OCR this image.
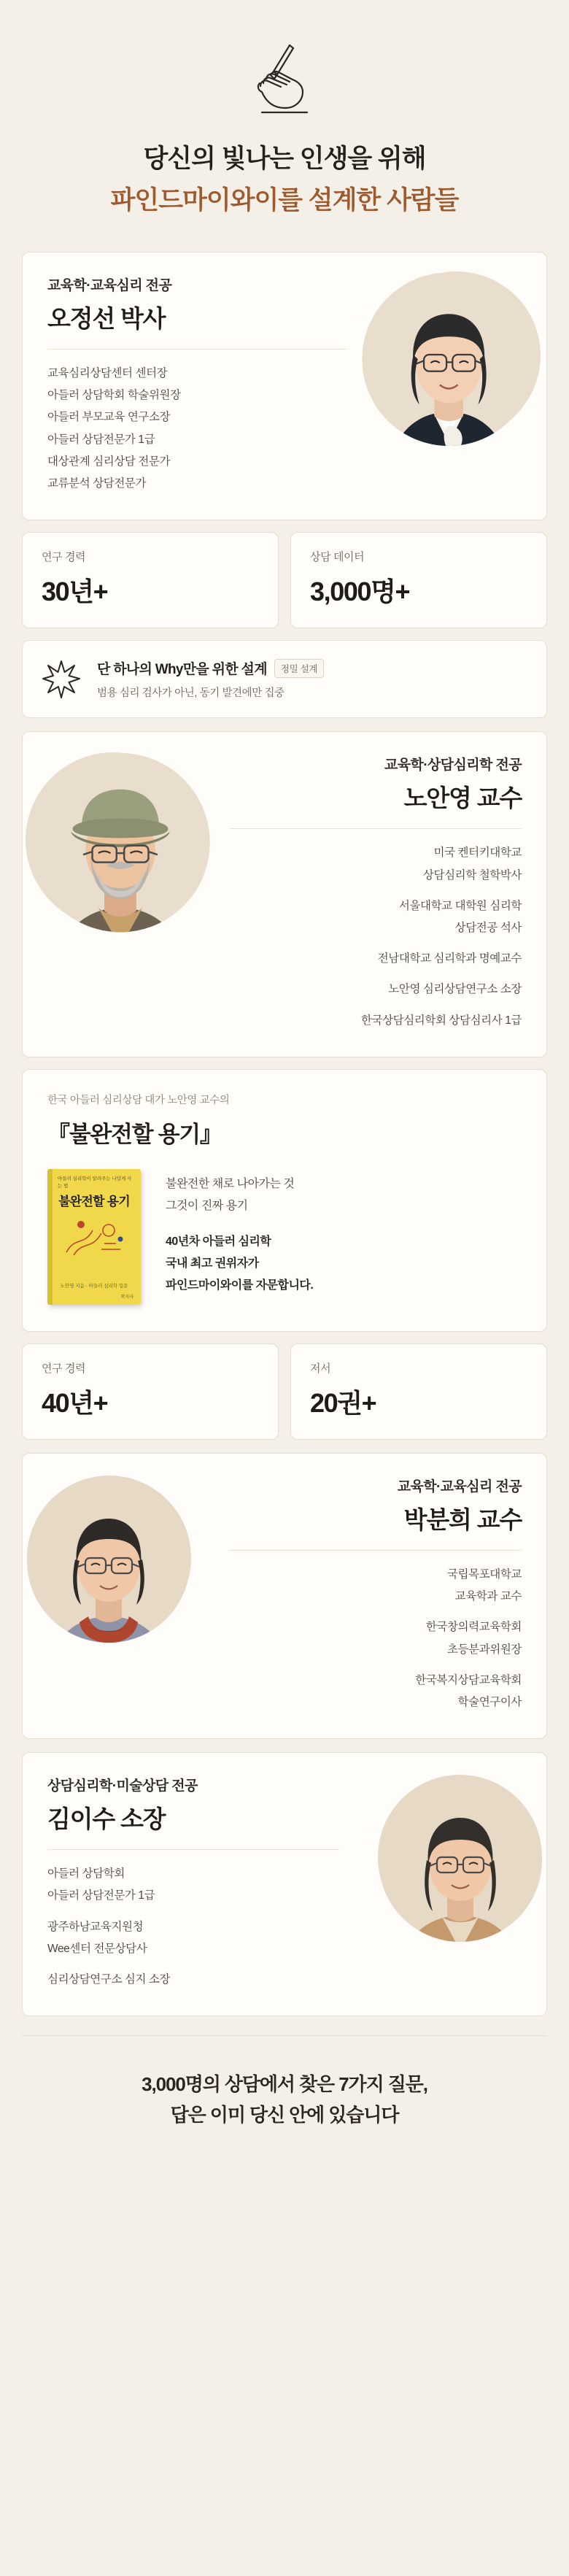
당신의 빛나는 인생을 위해
파인드마이와이를 설계한 사람들
교육학·교육심리 전공
오정선 박사
교육심리상담센터 센터장
아들러 상담학회 학술위원장
아들러 부모교육 연구소장
아들러 상담전문가 1급
대상관계 심리상담 전문가
교류분석 상담전문가
연구 경력
30년+
상담 데이터
3,000명+
단 하나의 Why만을 위한 설계	정밀 설계
범용 심리 검사가 아닌, 동기 발견에만 집중
교육학·상담심리학 전공
노안영 교수
미국 켄터키대학교
상담심리학 철학박사
서울대학교 대학원 심리학
상담전공 석사
전남대학교 심리학과 명예교수
노안영 심리상담연구소 소장
한국상담심리학회 상담심리사 1급
한국 아들러 심리상담 대가 노안영 교수의
『불완전할 용기』
아들러 심리학이 알려주는 나답게 사는 법
불완전할 용기
노안영 지음 · 아들러 심리학 입문
학지사

불완전한 채로 나아가는 것

그것이 진짜 용기

40년차 아들러 심리학

국내 최고 권위자가

파인드마이와이를 자문합니다.

연구 경력
40년+
저서
20권+
교육학·교육심리 전공
박분희 교수
국립목포대학교
교육학과 교수
한국창의력교육학회
초등분과위원장
한국복지상담교육학회
학술연구이사
상담심리학·미술상담 전공
김이수 소장
아들러 상담학회
아들러 상담전문가 1급
광주하남교육지원청
Wee센터 전문상담사
심리상담연구소 심지 소장
3,000명의 상담에서 찾은 7가지 질문,
답은 이미 당신 안에 있습니다
